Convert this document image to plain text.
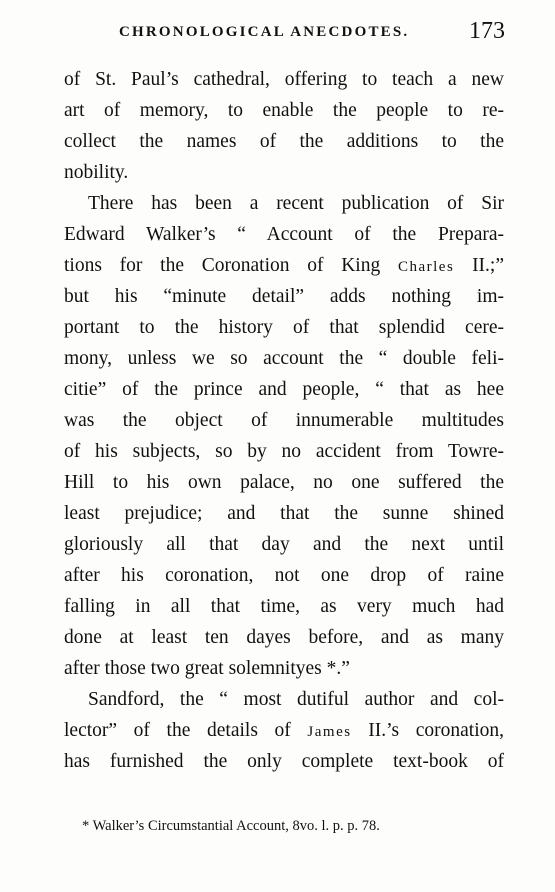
CHRONOLOGICAL ANECDOTES. 173
of St. Paul’s cathedral, offering to teach a new
art of memory, to enable the people to re-
collect the names of the additions to the
nobility.
There has been a recent publication of Sir
Edward Walker’s “ Account of the Prepara-
tions for the Coronation of King Charles II.;”
but his “minute detail” adds nothing im-
portant to the history of that splendid cere-
mony, unless we so account the “ double feli-
citie” of the prince and people, “ that as hee
was the object of innumerable multitudes
of his subjects, so by no accident from Towre-
Hill to his own palace, no one suffered the
least prejudice; and that the sunne shined
gloriously all that day and the next until
after his coronation, not one drop of raine
falling in all that time, as very much had
done at least ten dayes before, and as many
after those two great solemnityes *.”
Sandford, the “ most dutiful author and col-
lector” of the details of James II.’s coronation,
has furnished the only complete text-book of
* Walker’s Circumstantial Account, 8vo. l. p. p. 78.
